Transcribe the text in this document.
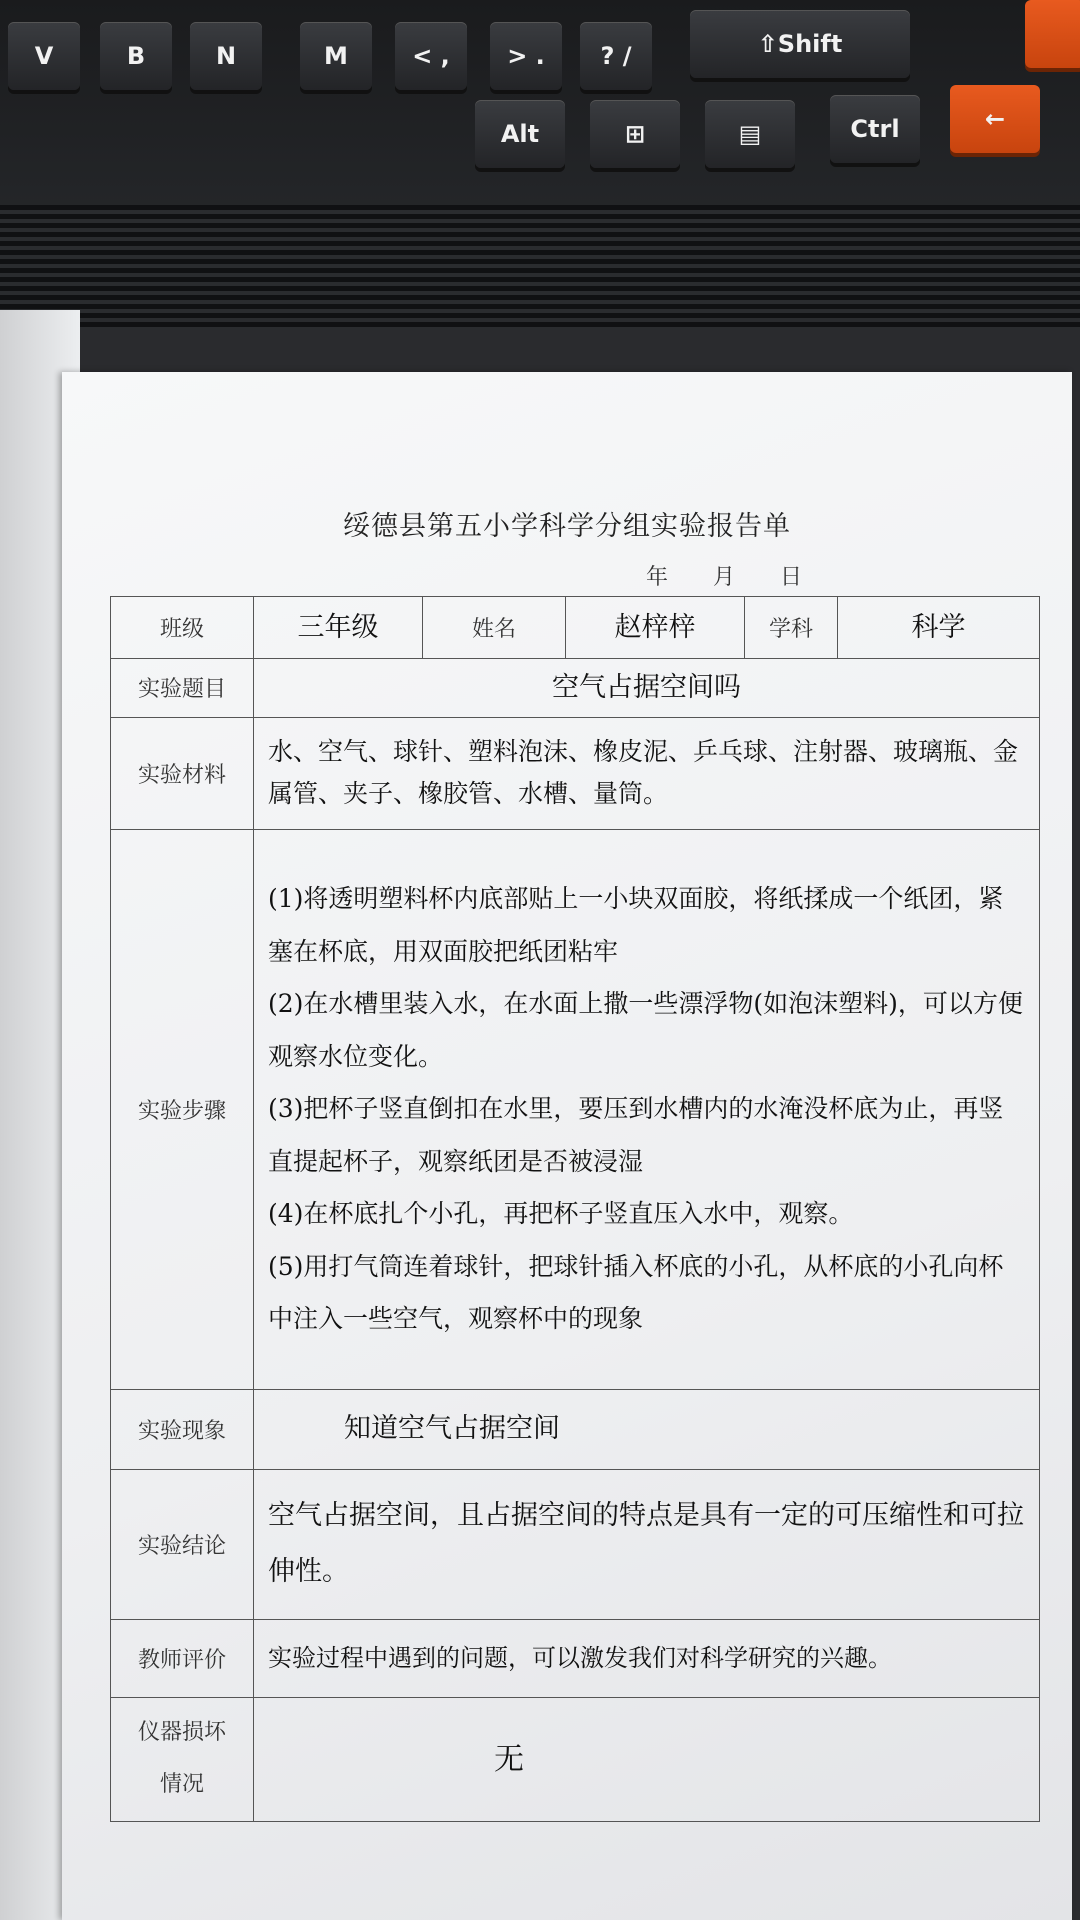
V	B	N	M	< ,	> .	? /	⇧Shift
Alt	⊞	▤	Ctrl	←
绥德县第五小学科学分组实验报告单
年 月 日
班级	三年级	姓名	赵梓梓	学科	科学
实验题目	空气占据空间吗				
实验材料	水、空气、球针、塑料泡沫、橡皮泥、乒乓球、注射器、玻璃瓶、金属管、夹子、橡胶管、水槽、量筒。				
实验步骤	(1)将透明塑料杯内底部贴上一小块双面胶，将纸揉成一个纸团，紧塞在杯底，用双面胶把纸团粘牢

(2)在水槽里装入水，在水面上撒一些漂浮物(如泡沫塑料)，可以方便观察水位变化。

(3)把杯子竖直倒扣在水里，要压到水槽内的水淹没杯底为止，再竖直提起杯子，观察纸团是否被浸湿

(4)在杯底扎个小孔，再把杯子竖直压入水中，观察。

(5)用打气筒连着球针，把球针插入杯底的小孔，从杯底的小孔向杯中注入一些空气，观察杯中的现象				

实验现象	知道空气占据空间				
实验结论	空气占据空间，且占据空间的特点是具有一定的可压缩性和可拉伸性。				
教师评价	实验过程中遇到的问题，可以激发我们对科学研究的兴趣。				
仪器损坏
情况	无				
